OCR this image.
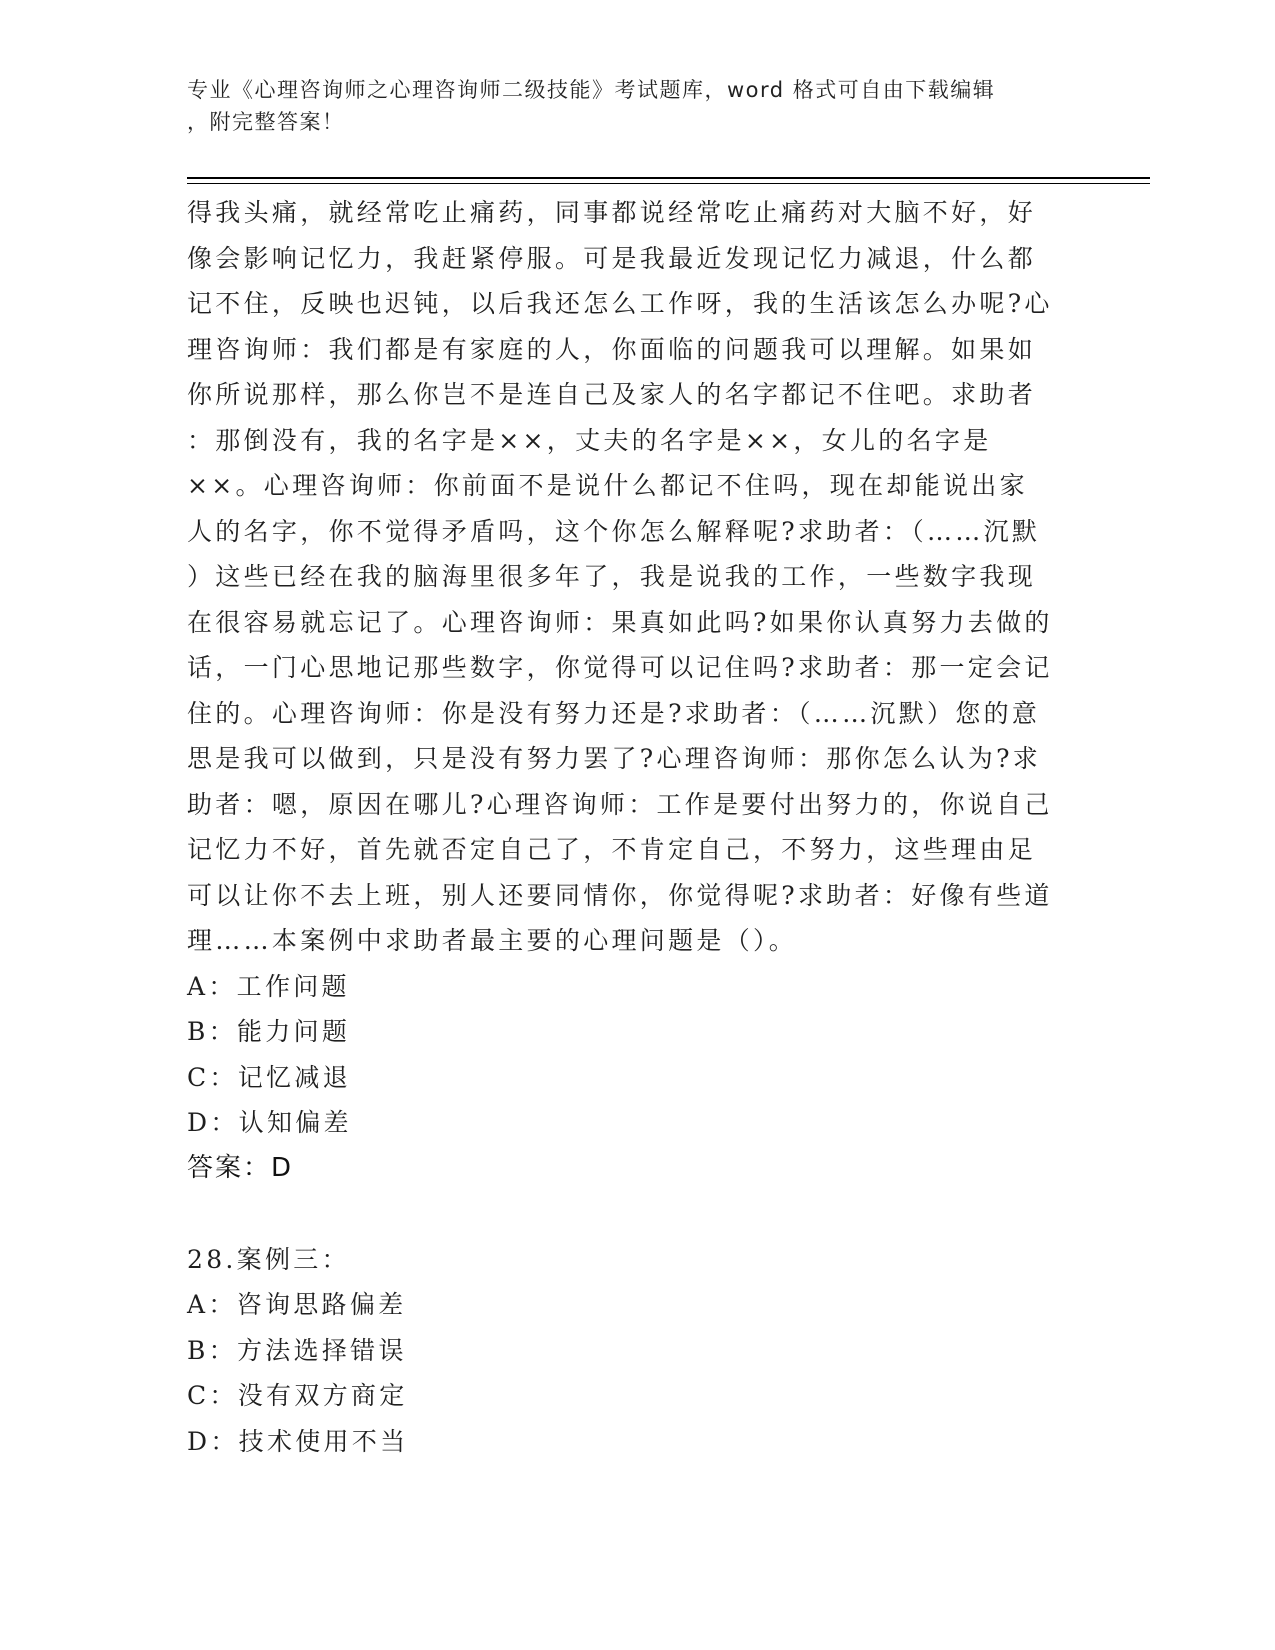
专业《心理咨询师之心理咨询师二级技能》考试题库，word 格式可自由下载编辑
，附完整答案！
得我头痛，就经常吃止痛药，同事都说经常吃止痛药对大脑不好，好
像会影响记忆力，我赶紧停服。可是我最近发现记忆力减退，什么都
记不住，反映也迟钝，以后我还怎么工作呀，我的生活该怎么办呢?心
理咨询师：我们都是有家庭的人，你面临的问题我可以理解。如果如
你所说那样，那么你岂不是连自己及家人的名字都记不住吧。求助者
：那倒没有，我的名字是××，丈夫的名字是××，女儿的名字是
××。心理咨询师：你前面不是说什么都记不住吗，现在却能说出家
人的名字，你不觉得矛盾吗，这个你怎么解释呢?求助者：（……沉默
）这些已经在我的脑海里很多年了，我是说我的工作，一些数字我现
在很容易就忘记了。心理咨询师：果真如此吗?如果你认真努力去做的
话，一门心思地记那些数字，你觉得可以记住吗?求助者：那一定会记
住的。心理咨询师：你是没有努力还是?求助者：（……沉默）您的意
思是我可以做到，只是没有努力罢了?心理咨询师：那你怎么认为?求
助者：嗯，原因在哪儿?心理咨询师：工作是要付出努力的，你说自己
记忆力不好，首先就否定自己了，不肯定自己，不努力，这些理由足
可以让你不去上班，别人还要同情你，你觉得呢?求助者：好像有些道
理……本案例中求助者最主要的心理问题是（）。
A：工作问题
B：能力问题
C：记忆减退
D：认知偏差
答案：D
28.案例三：
A：咨询思路偏差
B：方法选择错误
C：没有双方商定
D：技术使用不当
